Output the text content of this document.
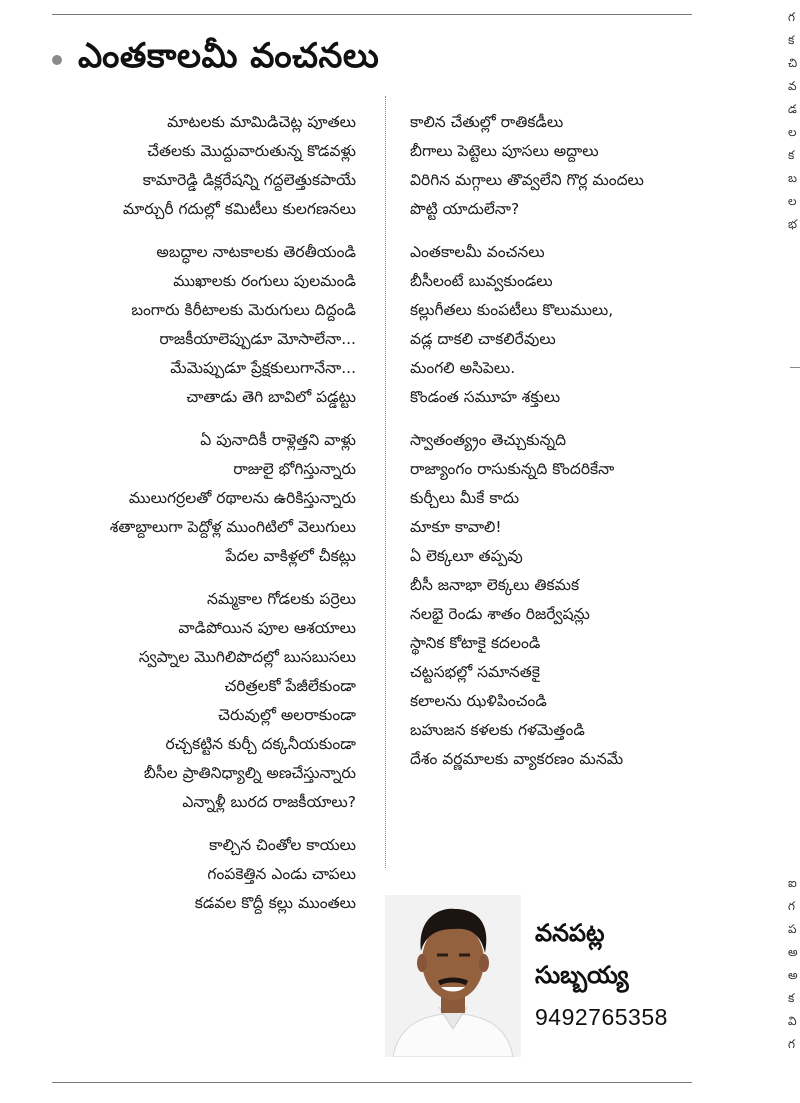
ఎంతకాలమీ వంచనలు
మాటలకు మామిడిచెట్ల పూతలు
చేతలకు మొద్దువారుతున్న కొడవళ్లు
కామారెడ్డి డిక్లరేషన్ని గద్దలెత్తుకపాయే
మార్చురీ గదుల్లో కమిటీలు కులగణనలు
అబద్ధాల నాటకాలకు తెరతీయండి
ముఖాలకు రంగులు పులమండి
బంగారు కిరీటాలకు మెరుగులు దిద్దండి
రాజకీయాలెప్పుడూ మోసాలేనా...
మేమెప్పుడూ ప్రేక్షకులుగానేనా...
చాతాడు తెగి బావిలో పడ్డట్టు
ఏ పునాదికీ రాళ్లెత్తని వాళ్లు
రాజులై భోగిస్తున్నారు
ములుగర్రలతో రథాలను ఉరికిస్తున్నారు
శతాబ్దాలుగా పెద్దోళ్ల ముంగిటిలో వెలుగులు
పేదల వాకిళ్లలో చీకట్లు
నమ్మకాల గోడలకు పర్రెలు
వాడిపోయిన పూల ఆశయాలు
స్వప్నాల మొగిలిపొదల్లో బుసబుసలు
చరిత్రలకో పేజీలేకుండా
చెరువుల్లో అలరాకుండా
రచ్చకట్టిన కుర్చీ దక్కనీయకుండా
బీసీల ప్రాతినిధ్యాల్ని అణచేస్తున్నారు
ఎన్నాళ్లీ బురద రాజకీయాలు?
కాల్చిన చింతోల కాయలు
గంపకెత్తిన ఎండు చాపలు
కడవల కొద్దీ కల్లు ముంతలు
కాలిన చేతుల్లో రాతికడీలు
బీగాలు పెట్టెలు పూసలు అద్దాలు
విరిగిన మగ్గాలు తొవ్వలేని గొర్ల మందలు
పొట్టి యాదులేనా?
ఎంతకాలమీ వంచనలు
బీసీలంటే బువ్వకుండలు
కల్లుగీతలు కుంపటీలు కొలుములు,
వడ్ల దాకలి చాకలిరేవులు
మంగలి అసిపెలు.
కొండంత సమూహ శక్తులు
స్వాతంత్య్రం తెచ్చుకున్నది
రాజ్యాంగం రాసుకున్నది కొందరికేనా
కుర్చీలు మీకే కాదు
మాకూ కావాలి!
ఏ లెక్కలూ తప్పవు
బీసీ జనాభా లెక్కలు తికమక
నలభై రెండు శాతం రిజర్వేషన్లు
స్థానిక కోటాకై కదలండి
చట్టసభల్లో సమానతకై
కలాలను ఝళిపించండి
బహుజన కళలకు గళమెత్తండి
దేశం వర్ణమాలకు వ్యాకరణం మనమే
వనపట్ల
సుబ్బయ్య
9492765358
గ
క
చి
వ
డ
ల
క
బ
ల
భ
ఐ
గ
ప
అ
అ
క
వి
గ
